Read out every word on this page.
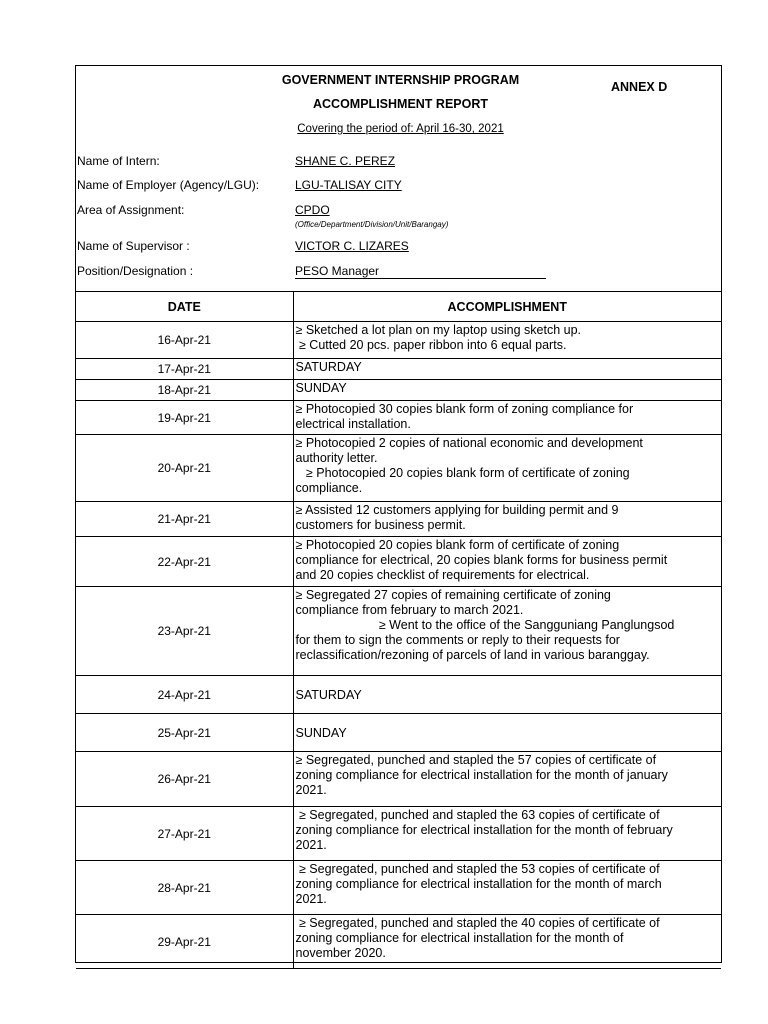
GOVERNMENT INTERNSHIP PROGRAM	ANNEX D
ACCOMPLISHMENT REPORT
Covering the period of: April 16-30, 2021
Name of Intern:	SHANE C. PEREZ
Name of Employer (Agency/LGU):	LGU-TALISAY CITY
Area of Assignment:	CPDO
(Office/Department/Division/Unit/Barangay)
Name of Supervisor :	VICTOR C. LIZARES
Position/Designation :	PESO Manager
DATE	ACCOMPLISHMENT
16-Apr-21	≥ Sketched a lot plan on my laptop using sketch up.
≥ Cutted 20 pcs. paper ribbon into 6 equal parts.

17-Apr-21	SATURDAY

18-Apr-21	SUNDAY

19-Apr-21	≥ Photocopied 30 copies blank form of zoning compliance for
electrical installation.

20-Apr-21	≥ Photocopied 2 copies of national economic and development
authority letter.
≥ Photocopied 20 copies blank form of certificate of zoning
compliance.

21-Apr-21	≥ Assisted 12 customers applying for building permit and 9
customers for business permit.

22-Apr-21	≥ Photocopied 20 copies blank form of certificate of zoning
compliance for electrical, 20 copies blank forms for business permit
and 20 copies checklist of requirements for electrical.

23-Apr-21	≥ Segregated 27 copies of remaining certificate of zoning
compliance from february to march 2021.
≥ Went to the office of the Sangguniang Panglungsod
for them to sign the comments or reply to their requests for
reclassification/rezoning of parcels of land in various baranggay.

24-Apr-21	SATURDAY

25-Apr-21	SUNDAY

26-Apr-21	≥ Segregated, punched and stapled the 57 copies of certificate of
zoning compliance for electrical installation for the month of january
2021.

27-Apr-21	≥ Segregated, punched and stapled the 63 copies of certificate of
zoning compliance for electrical installation for the month of february
2021.

28-Apr-21	≥ Segregated, punched and stapled the 53 copies of certificate of
zoning compliance for electrical installation for the month of march
2021.

29-Apr-21	≥ Segregated, punched and stapled the 40 copies of certificate of
zoning compliance for electrical installation for the month of
november 2020.
